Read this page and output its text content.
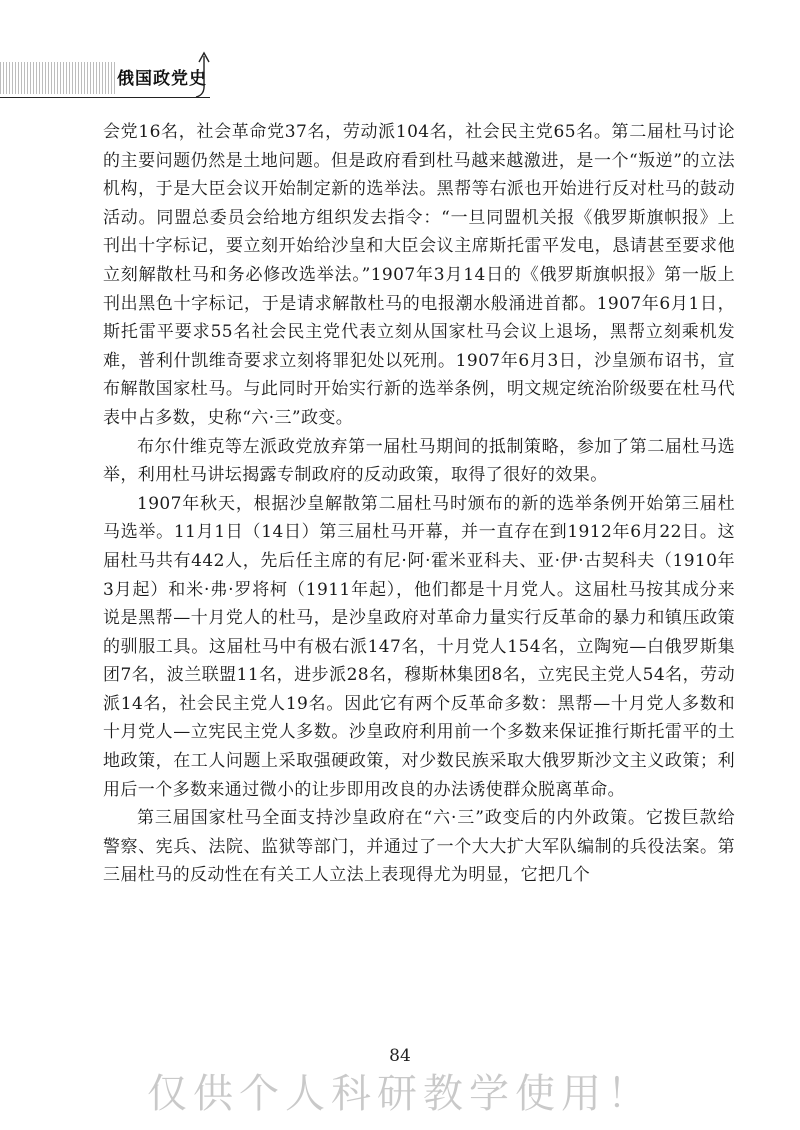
俄国政党史

会党16名，社会革命党37名，劳动派104名，社会民主党65名。第二届杜马讨论的主要问题仍然是土地问题。但是政府看到杜马越来越激进，是一个“叛逆”的立法机构，于是大臣会议开始制定新的选举法。黑帮等右派也开始进行反对杜马的鼓动活动。同盟总委员会给地方组织发去指令：“一旦同盟机关报《俄罗斯旗帜报》上刊出十字标记，要立刻开始给沙皇和大臣会议主席斯托雷平发电，恳请甚至要求他立刻解散杜马和务必修改选举法。”1907年3月14日的《俄罗斯旗帜报》第一版上刊出黑色十字标记，于是请求解散杜马的电报潮水般涌进首都。1907年6月1日，斯托雷平要求55名社会民主党代表立刻从国家杜马会议上退场，黑帮立刻乘机发难，普利什凯维奇要求立刻将罪犯处以死刑。1907年6月3日，沙皇颁布诏书，宣布解散国家杜马。与此同时开始实行新的选举条例，明文规定统治阶级要在杜马代表中占多数，史称“六·三”政变。

布尔什维克等左派政党放弃第一届杜马期间的抵制策略，参加了第二届杜马选举，利用杜马讲坛揭露专制政府的反动政策，取得了很好的效果。

1907年秋天，根据沙皇解散第二届杜马时颁布的新的选举条例开始第三届杜马选举。11月1日（14日）第三届杜马开幕，并一直存在到1912年6月22日。这届杜马共有442人，先后任主席的有尼·阿·霍米亚科夫、亚·伊·古契科夫（1910年3月起）和米·弗·罗将柯（1911年起），他们都是十月党人。这届杜马按其成分来说是黑帮—十月党人的杜马，是沙皇政府对革命力量实行反革命的暴力和镇压政策的驯服工具。这届杜马中有极右派147名，十月党人154名，立陶宛—白俄罗斯集团7名，波兰联盟11名，进步派28名，穆斯林集团8名，立宪民主党人54名，劳动派14名，社会民主党人19名。因此它有两个反革命多数：黑帮—十月党人多数和十月党人—立宪民主党人多数。沙皇政府利用前一个多数来保证推行斯托雷平的土地政策，在工人问题上采取强硬政策，对少数民族采取大俄罗斯沙文主义政策；利用后一个多数来通过微小的让步即用改良的办法诱使群众脱离革命。

第三届国家杜马全面支持沙皇政府在“六·三”政变后的内外政策。它拨巨款给警察、宪兵、法院、监狱等部门，并通过了一个大大扩大军队编制的兵役法案。第三届杜马的反动性在有关工人立法上表现得尤为明显，它把几个

84
仅供个人科研教学使用！
